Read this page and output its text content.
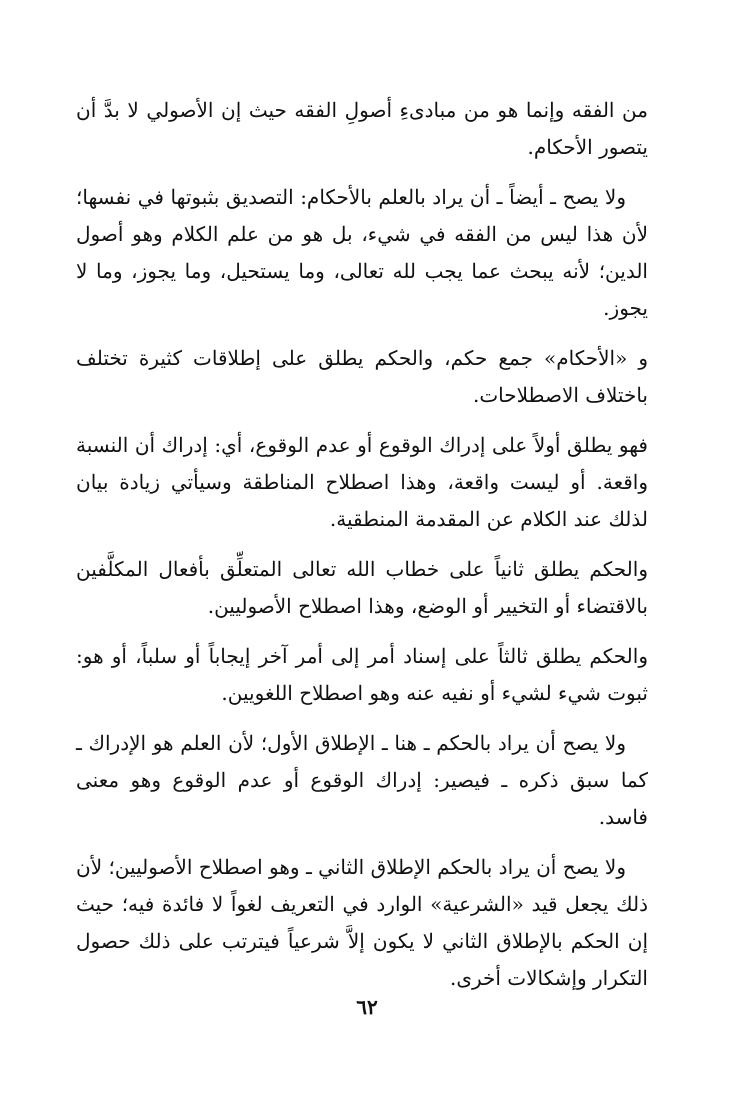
من الفقه وإنما هو من مبادىءِ أصولِ الفقه حيث إن الأصولي لا بدَّ أن يتصور الأحكام.

ولا يصح ـ أيضاً ـ أن يراد بالعلم بالأحكام: التصديق بثبوتها في نفسها؛ لأن هذا ليس من الفقه في شيء، بل هو من علم الكلام وهو أصول الدين؛ لأنه يبحث عما يجب لله تعالى، وما يستحيل، وما يجوز، وما لا يجوز.

و «الأحكام» جمع حكم، والحكم يطلق على إطلاقات كثيرة تختلف باختلاف الاصطلاحات.

فهو يطلق أولاً على إدراك الوقوع أو عدم الوقوع، أي: إدراك أن النسبة واقعة. أو ليست واقعة، وهذا اصطلاح المناطقة وسيأتي زيادة بيان لذلك عند الكلام عن المقدمة المنطقية.

والحكم يطلق ثانياً على خطاب الله تعالى المتعلِّق بأفعال المكلَّفين بالاقتضاء أو التخيير أو الوضع، وهذا اصطلاح الأصوليين.

والحكم يطلق ثالثاً على إسناد أمر إلى أمر آخر إيجاباً أو سلباً، أو هو: ثبوت شيء لشيء أو نفيه عنه وهو اصطلاح اللغويين.

ولا يصح أن يراد بالحكم ـ هنا ـ الإطلاق الأول؛ لأن العلم هو الإدراك ـ كما سبق ذكره ـ فيصير: إدراك الوقوع أو عدم الوقوع وهو معنى فاسد.

ولا يصح أن يراد بالحكم الإطلاق الثاني ـ وهو اصطلاح الأصوليين؛ لأن ذلك يجعل قيد «الشرعية» الوارد في التعريف لغواً لا فائدة فيه؛ حيث إن الحكم بالإطلاق الثاني لا يكون إلاَّ شرعياً فيترتب على ذلك حصول التكرار وإشكالات أخرى.

٦٢
